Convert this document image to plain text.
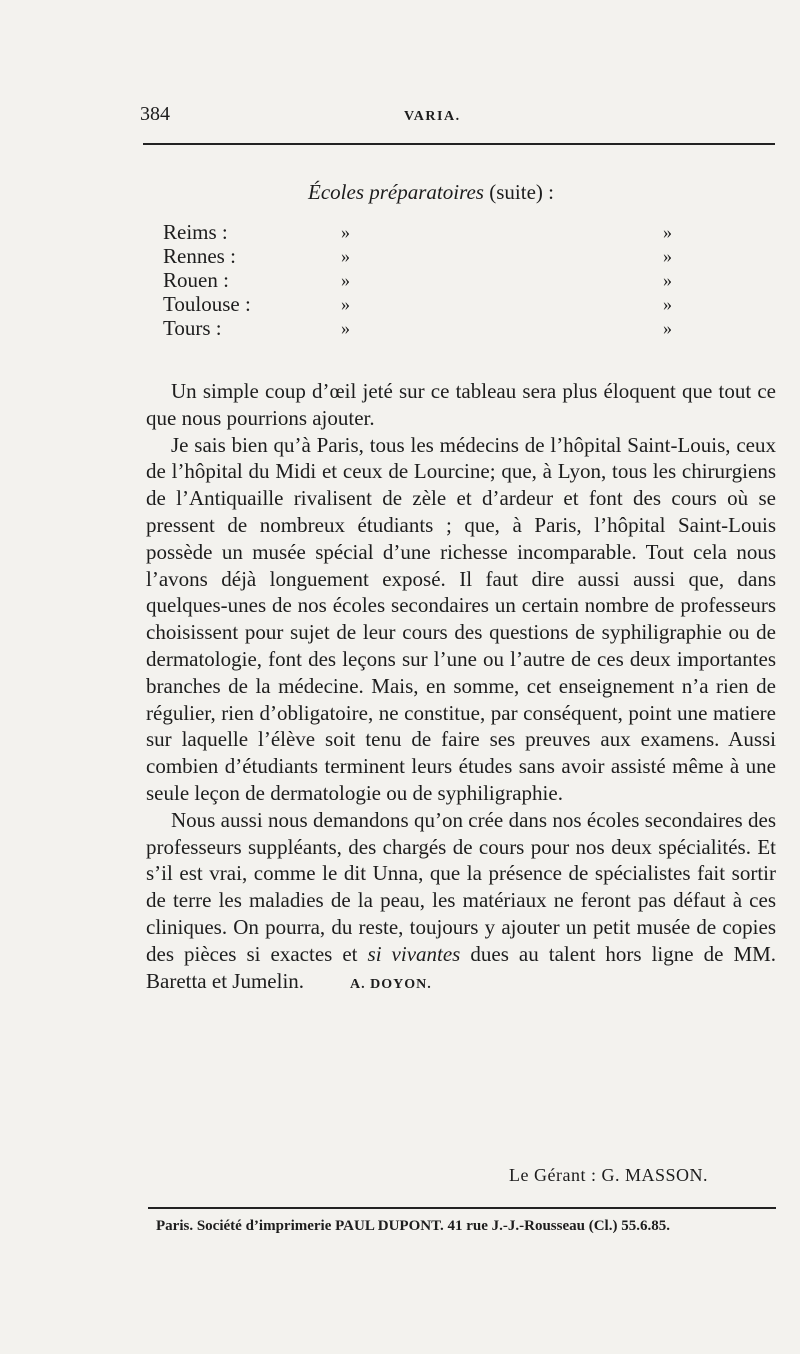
384	VARIA.
Écoles préparatoires (suite) :
Reims :	»	»
Rennes :	»	»
Rouen :	»	»
Toulouse :	»	»
Tours :	»	»

Un simple coup d’œil jeté sur ce tableau sera plus éloquent que tout ce que nous pourrions ajouter.

Je sais bien qu’à Paris, tous les médecins de l’hôpital Saint-Louis, ceux de l’hôpital du Midi et ceux de Lourcine; que, à Lyon, tous les chirurgiens de l’Antiquaille rivalisent de zèle et d’ardeur et font des cours où se pressent de nombreux étudiants ; que, à Paris, l’hôpital Saint-Louis possède un musée spécial d’une richesse incomparable. Tout cela nous l’avons déjà longuement exposé. Il faut dire aussi aussi que, dans quelques-unes de nos écoles secondaires un certain nombre de professeurs choisissent pour sujet de leur cours des questions de syphiligraphie ou de dermatologie, font des leçons sur l’une ou l’autre de ces deux importantes branches de la médecine. Mais, en somme, cet enseignement n’a rien de régulier, rien d’obligatoire, ne constitue, par conséquent, point une matiere sur laquelle l’élève soit tenu de faire ses preuves aux examens. Aussi combien d’étudiants terminent leurs études sans avoir assisté même à une seule leçon de dermatologie ou de syphiligraphie.

Nous aussi nous demandons qu’on crée dans nos écoles secondaires des professeurs suppléants, des chargés de cours pour nos deux spécialités. Et s’il est vrai, comme le dit Unna, que la présence de spécialistes fait sortir de terre les maladies de la peau, les matériaux ne feront pas défaut à ces cliniques. On pourra, du reste, toujours y ajouter un petit musée de copies des pièces si exactes et si vivantes dues au talent hors ligne de MM. Baretta et Jumelin.	A. DOYON.

Le Gérant : G. MASSON.
Paris. Société d’imprimerie PAUL DUPONT. 41 rue J.-J.-Rousseau (Cl.) 55.6.85.
